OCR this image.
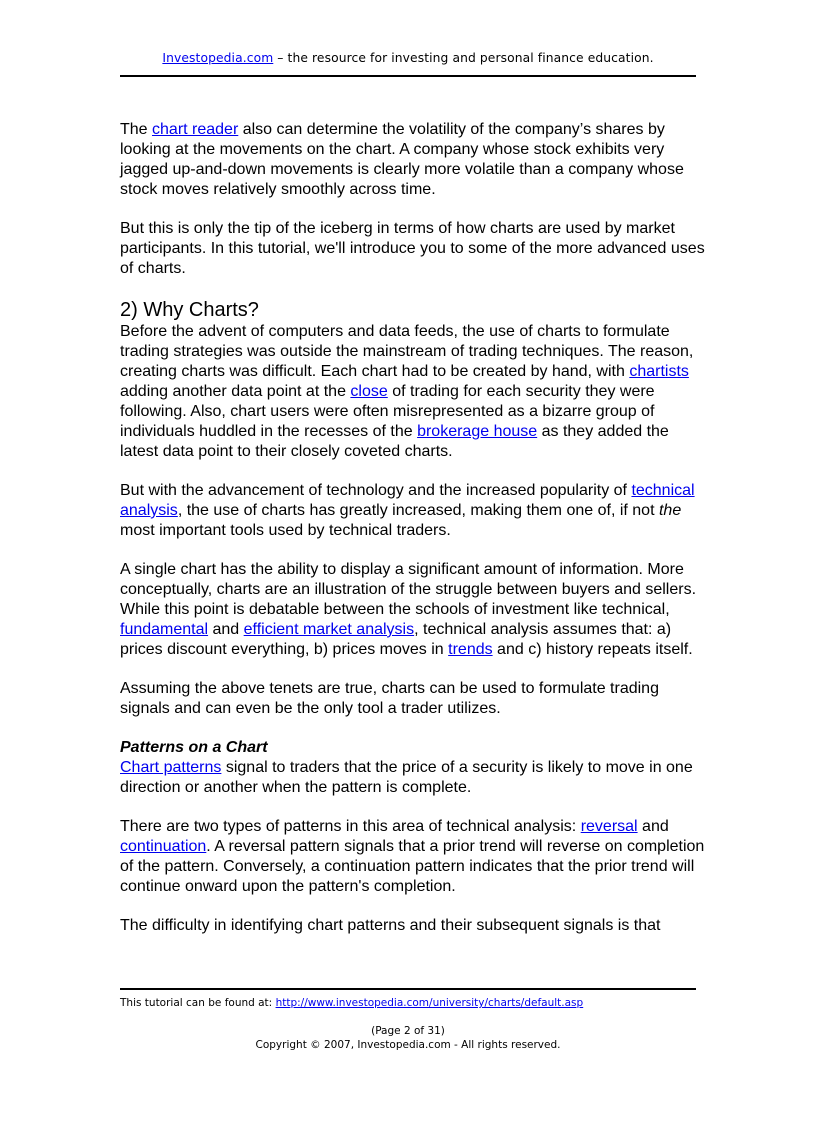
Investopedia.com – the resource for investing and personal finance education.

The chart reader also can determine the volatility of the company’s shares by looking at the movements on the chart. A company whose stock exhibits very jagged up-and-down movements is clearly more volatile than a company whose stock moves relatively smoothly across time.

But this is only the tip of the iceberg in terms of how charts are used by market participants. In this tutorial, we'll introduce you to some of the more advanced uses of charts.

2) Why Charts?

Before the advent of computers and data feeds, the use of charts to formulate trading strategies was outside the mainstream of trading techniques. The reason, creating charts was difficult. Each chart had to be created by hand, with chartists adding another data point at the close of trading for each security they were following. Also, chart users were often misrepresented as a bizarre group of individuals huddled in the recesses of the brokerage house as they added the latest data point to their closely coveted charts.

But with the advancement of technology and the increased popularity of technical analysis, the use of charts has greatly increased, making them one of, if not the most important tools used by technical traders.

A single chart has the ability to display a significant amount of information. More conceptually, charts are an illustration of the struggle between buyers and sellers. While this point is debatable between the schools of investment like technical, fundamental and efficient market analysis, technical analysis assumes that: a) prices discount everything, b) prices moves in trends and c) history repeats itself.

Assuming the above tenets are true, charts can be used to formulate trading signals and can even be the only tool a trader utilizes.

Patterns on a Chart

Chart patterns signal to traders that the price of a security is likely to move in one direction or another when the pattern is complete.

There are two types of patterns in this area of technical analysis: reversal and continuation. A reversal pattern signals that a prior trend will reverse on completion of the pattern. Conversely, a continuation pattern indicates that the prior trend will continue onward upon the pattern's completion.

The difficulty in identifying chart patterns and their subsequent signals is that

This tutorial can be found at: http://www.investopedia.com/university/charts/default.asp
(Page 2 of 31)
Copyright © 2007, Investopedia.com - All rights reserved.
